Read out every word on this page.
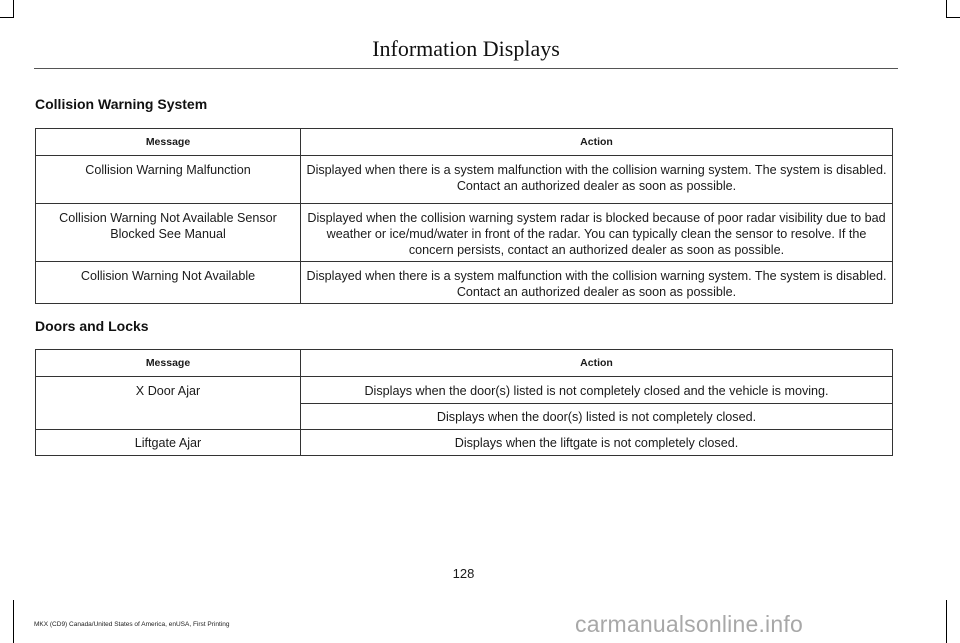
Information Displays
Collision Warning System
Message	Action
Collision Warning Malfunction	Displayed when there is a system malfunction with the collision warning system. The system is disabled. Contact an authorized dealer as soon as possible.
Collision Warning Not Available Sensor Blocked See Manual	Displayed when the collision warning system radar is blocked because of poor radar visibility due to bad weather or ice/mud/water in front of the radar. You can typically clean the sensor to resolve. If the concern persists, contact an authorized dealer as soon as possible.
Collision Warning Not Available	Displayed when there is a system malfunction with the collision warning system. The system is disabled. Contact an authorized dealer as soon as possible.
Doors and Locks
Message	Action
X Door Ajar	Displays when the door(s) listed is not completely closed and the vehicle is moving.
	Displays when the door(s) listed is not completely closed.
Liftgate Ajar	Displays when the liftgate is not completely closed.
128
MKX (CD9) Canada/United States of America, enUSA, First Printing	carmanualsonline.info
